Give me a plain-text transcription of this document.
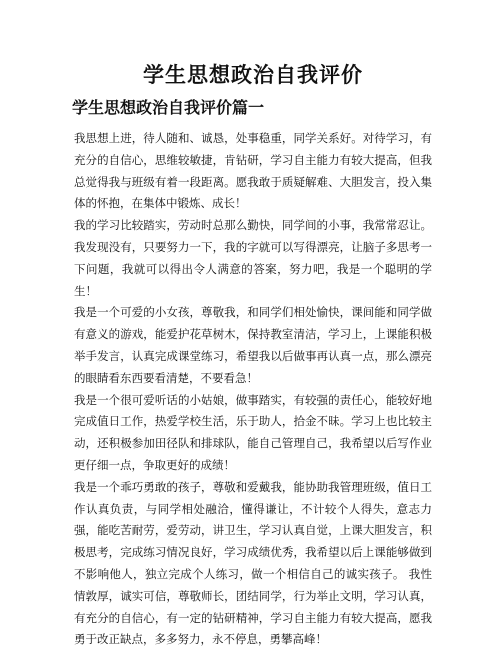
学生思想政治自我评价
学生思想政治自我评价篇一

我思想上进，待人随和、诚恳，处事稳重，同学关系好。对待学习，有充分的自信心，思维较敏捷，肯钻研，学习自主能力有较大提高，但我总觉得我与班级有着一段距离。愿我敢于质疑解难、大胆发言，投入集体的怀抱，在集体中锻炼、成长！

我的学习比较踏实，劳动时总那么勤快，同学间的小事，我常常忍让。我发现没有，只要努力一下，我的字就可以写得漂亮，让脑子多思考一下问题，我就可以得出令人满意的答案，努力吧，我是一个聪明的学生！

我是一个可爱的小女孩，尊敬我，和同学们相处愉快，课间能和同学做有意义的游戏，能爱护花草树木，保持教室清洁，学习上，上课能积极举手发言，认真完成课堂练习，希望我以后做事再认真一点，那么漂亮的眼睛看东西要看清楚，不要看急！

我是一个很可爱听话的小姑娘，做事踏实，有较强的责任心，能较好地完成值日工作，热爱学校生活，乐于助人，拾金不昧。学习上也比较主动，还积极参加田径队和排球队，能自己管理自己，我希望以后写作业更仔细一点，争取更好的成绩！

我是一个乖巧勇敢的孩子，尊敬和爱戴我，能协助我管理班级，值日工作认真负责，与同学相处融洽，懂得谦让，不计较个人得失，意志力强，能吃苦耐劳，爱劳动，讲卫生，学习认真自觉，上课大胆发言，积极思考，完成练习情况良好，学习成绩优秀，我希望以后上课能够做到不影响他人，独立完成个人练习，做一个相信自己的诚实孩子。 我性情敦厚，诚实可信，尊敬师长，团结同学，行为举止文明，学习认真，有充分的自信心，有一定的钻研精神，学习自主能力有较大提高，愿我勇于改正缺点，多多努力，永不停息，勇攀高峰！
